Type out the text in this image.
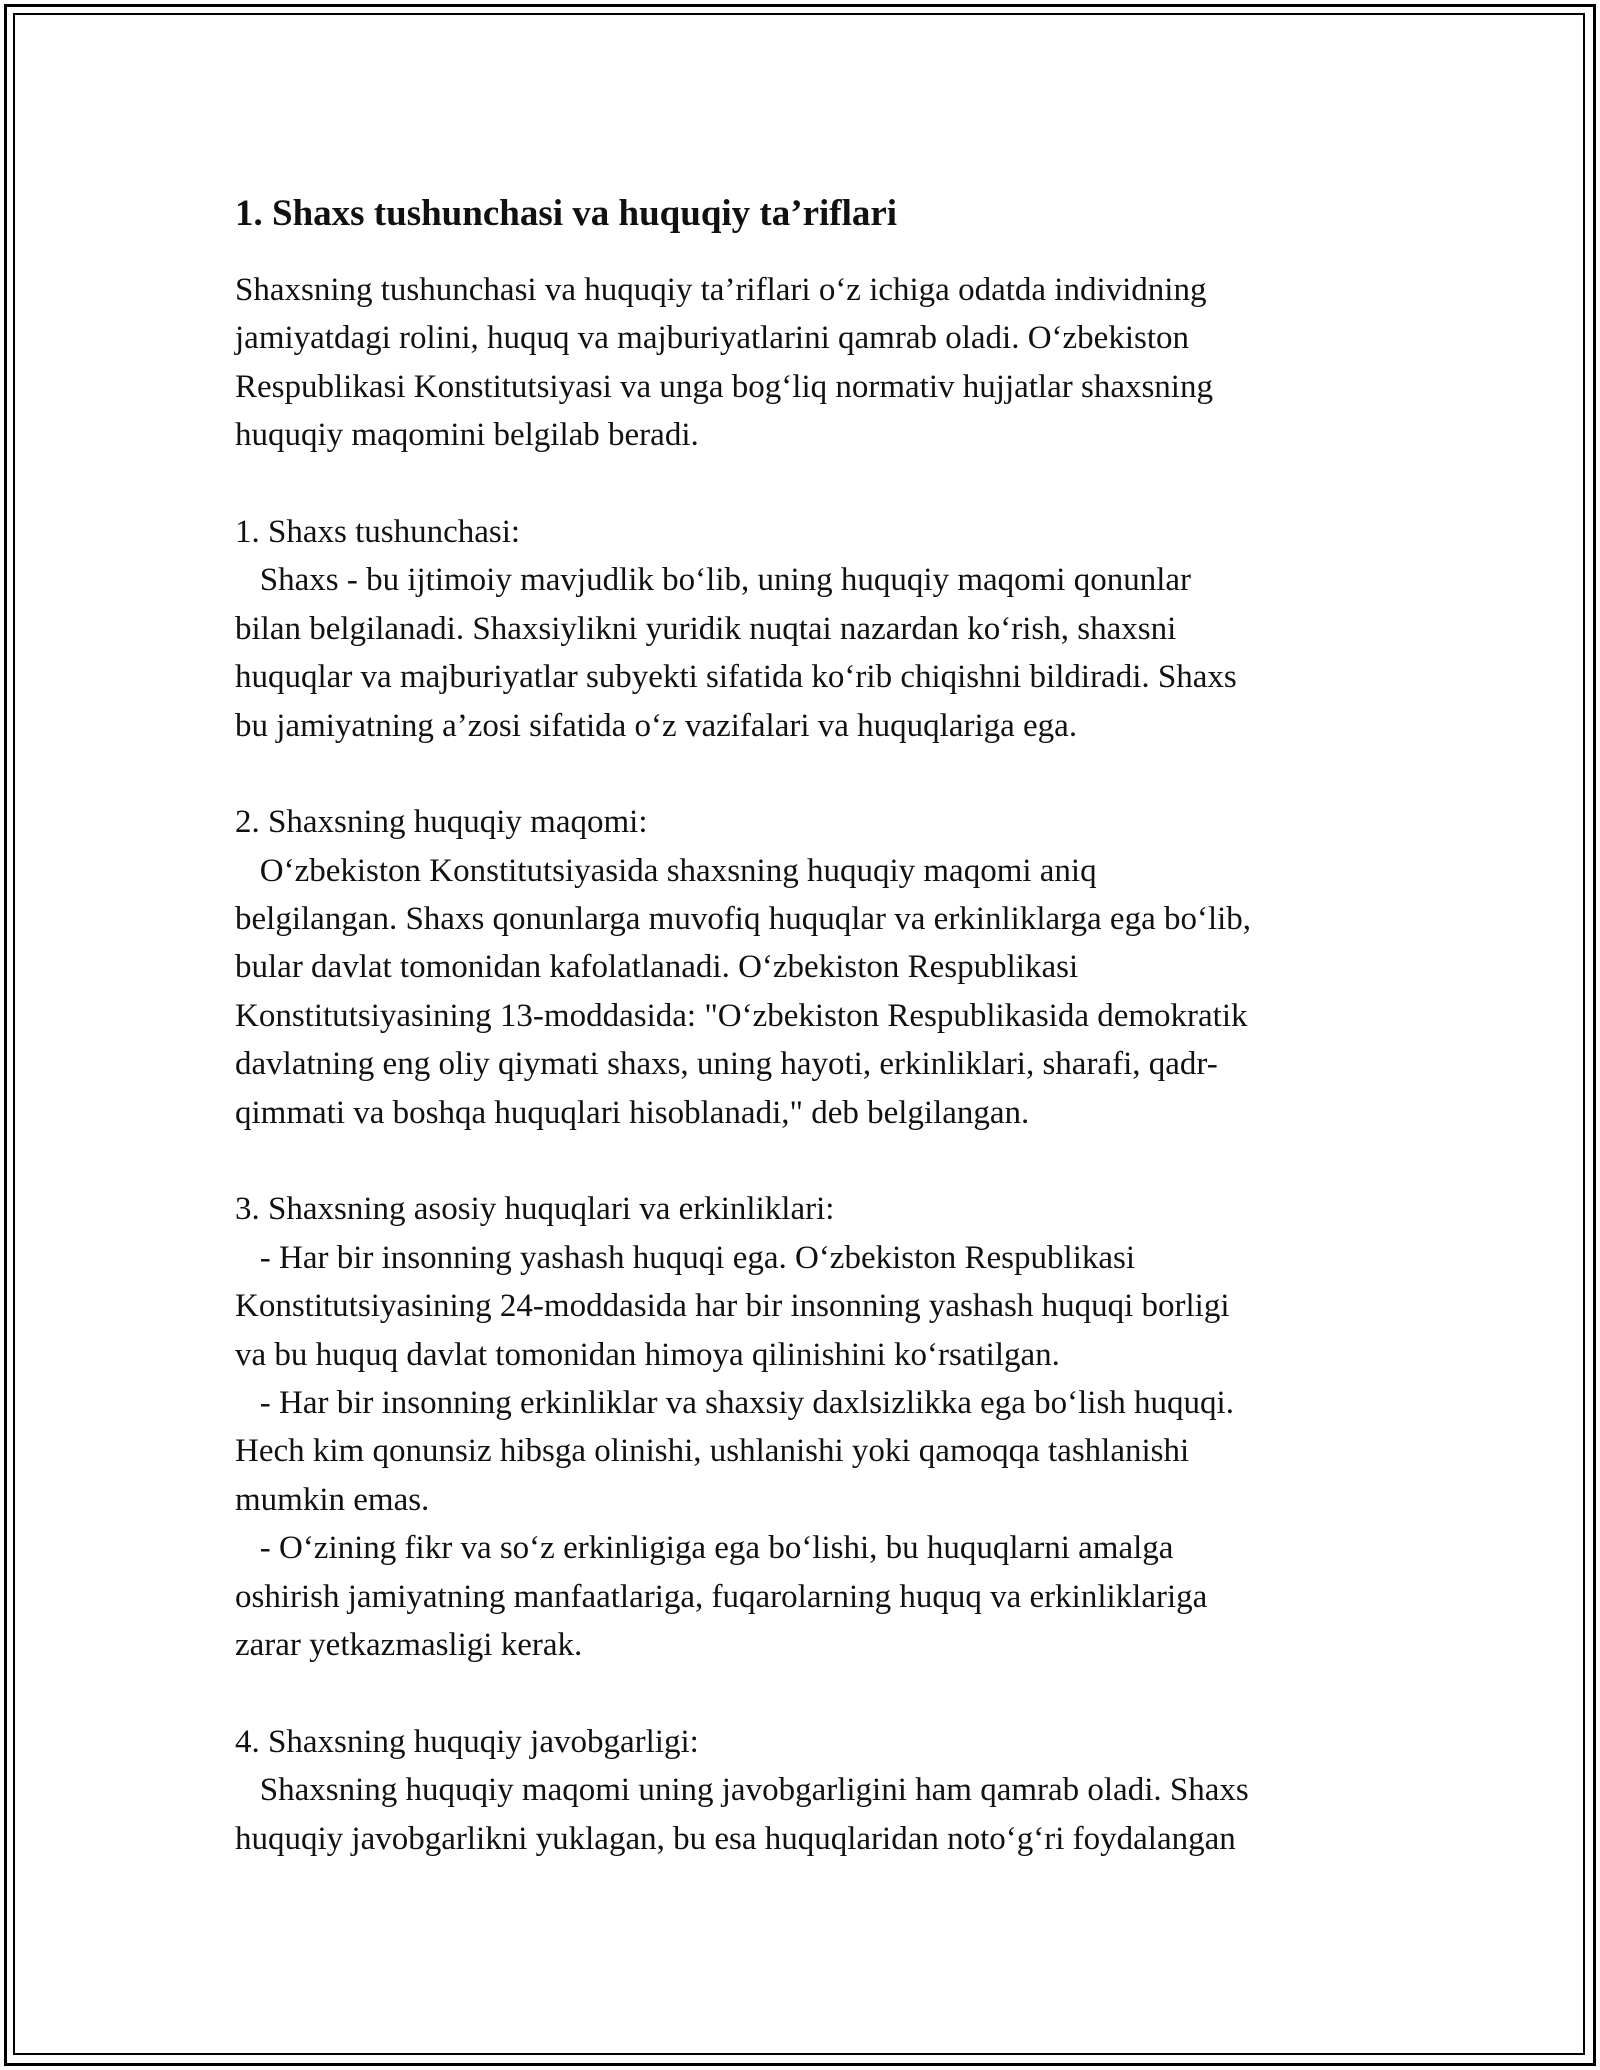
1. Shaxs tushunchasi va huquqiy ta’riflari
Shaxsning tushunchasi va huquqiy ta’riflari o‘z ichiga odatda individning
jamiyatdagi rolini, huquq va majburiyatlarini qamrab oladi. O‘zbekiston
Respublikasi Konstitutsiyasi va unga bog‘liq normativ hujjatlar shaxsning
huquqiy maqomini belgilab beradi.
1. Shaxs tushunchasi:
Shaxs - bu ijtimoiy mavjudlik bo‘lib, uning huquqiy maqomi qonunlar
bilan belgilanadi. Shaxsiylikni yuridik nuqtai nazardan ko‘rish, shaxsni
huquqlar va majburiyatlar subyekti sifatida ko‘rib chiqishni bildiradi. Shaxs
bu jamiyatning a’zosi sifatida o‘z vazifalari va huquqlariga ega.
2. Shaxsning huquqiy maqomi:
O‘zbekiston Konstitutsiyasida shaxsning huquqiy maqomi aniq
belgilangan. Shaxs qonunlarga muvofiq huquqlar va erkinliklarga ega bo‘lib,
bular davlat tomonidan kafolatlanadi. O‘zbekiston Respublikasi
Konstitutsiyasining 13-moddasida: "O‘zbekiston Respublikasida demokratik
davlatning eng oliy qiymati shaxs, uning hayoti, erkinliklari, sharafi, qadr-
qimmati va boshqa huquqlari hisoblanadi," deb belgilangan.
3. Shaxsning asosiy huquqlari va erkinliklari:
- Har bir insonning yashash huquqi ega. O‘zbekiston Respublikasi
Konstitutsiyasining 24-moddasida har bir insonning yashash huquqi borligi
va bu huquq davlat tomonidan himoya qilinishini ko‘rsatilgan.
- Har bir insonning erkinliklar va shaxsiy daxlsizlikka ega bo‘lish huquqi.
Hech kim qonunsiz hibsga olinishi, ushlanishi yoki qamoqqa tashlanishi
mumkin emas.
- O‘zining fikr va so‘z erkinligiga ega bo‘lishi, bu huquqlarni amalga
oshirish jamiyatning manfaatlariga, fuqarolarning huquq va erkinliklariga
zarar yetkazmasligi kerak.
4. Shaxsning huquqiy javobgarligi:
Shaxsning huquqiy maqomi uning javobgarligini ham qamrab oladi. Shaxs
huquqiy javobgarlikni yuklagan, bu esa huquqlaridan noto‘g‘ri foydalangan
